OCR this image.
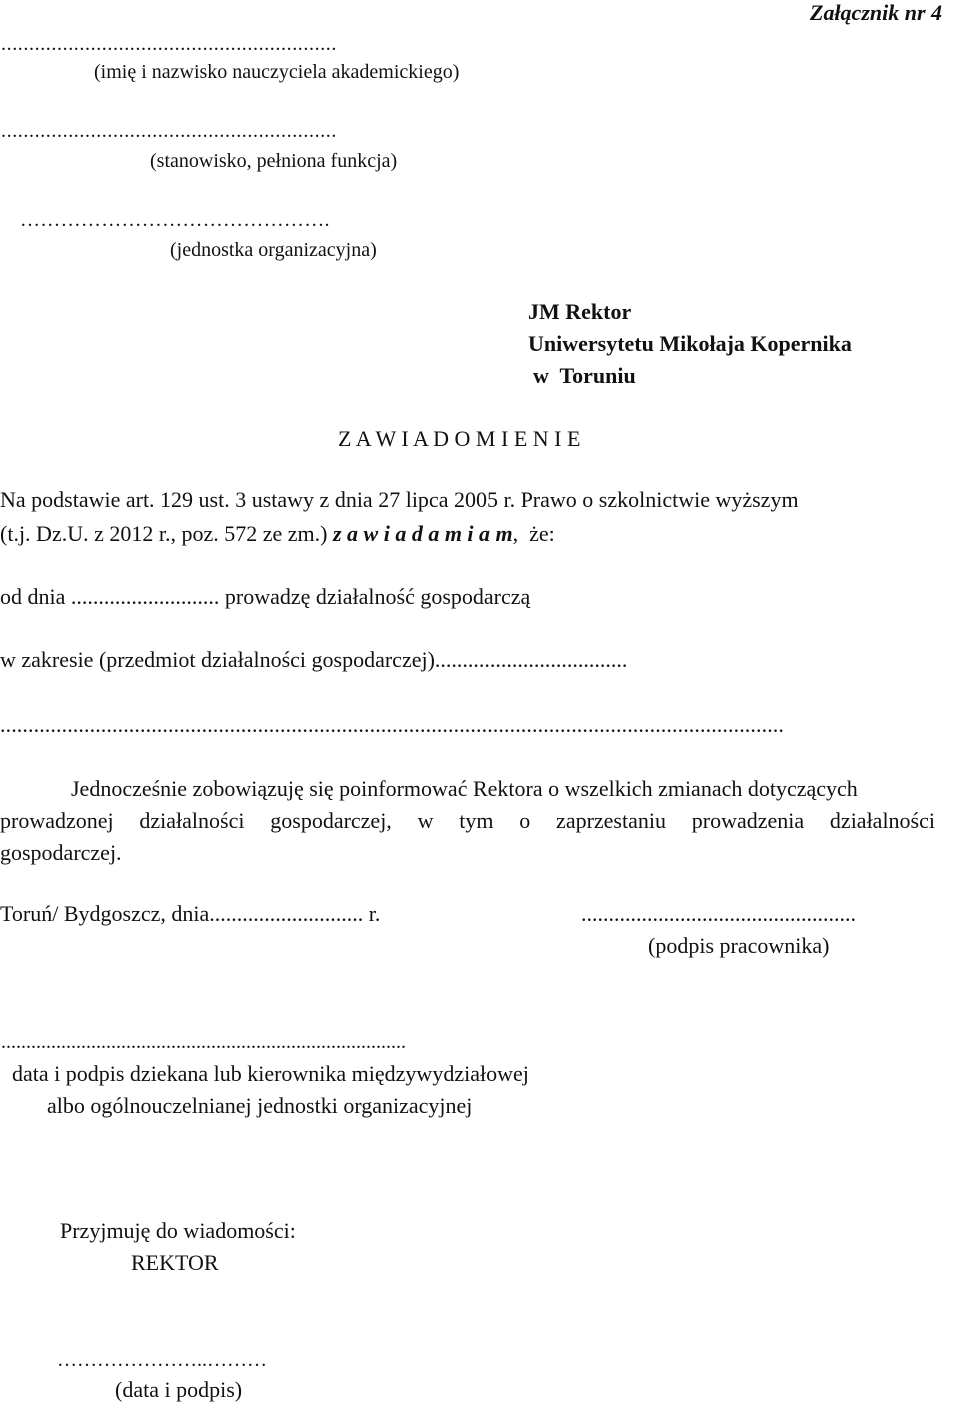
Załącznik nr 4
............................................................
(imię i nazwisko nauczyciela akademickiego)
............................................................
(stanowisko, pełniona funkcja)
……………………………………….
(jednostka organizacyjna)
JM Rektor
Uniwersytetu Mikołaja Kopernika
w  Toruniu
Z A W I A D O M I E N I E
Na podstawie art. 129 ust. 3 ustawy z dnia 27 lipca 2005 r. Prawo o szkolnictwie wyższym
(t.j. Dz.U. z 2012 r., poz. 572 ze zm.) z a w i a d a m i a m,  że:
od dnia ........................... prowadzę działalność gospodarczą
w zakresie (przedmiot działalności gospodarczej)...................................
............................................................................................................................................
Jednocześnie zobowiązuję się poinformować Rektora o wszelkich zmianach dotyczących
prowadzonej działalności gospodarczej, w tym o zaprzestaniu prowadzenia działalności
gospodarczej.
Toruń/ Bydgoszcz, dnia............................ r.	..................................................
(podpis pracownika)
.................................................................................
data i podpis dziekana lub kierownika międzywydziałowej
albo ogólnouczelnianej jednostki organizacyjnej
Przyjmuję do wiadomości:
REKTOR
…………………..………
(data i podpis)
